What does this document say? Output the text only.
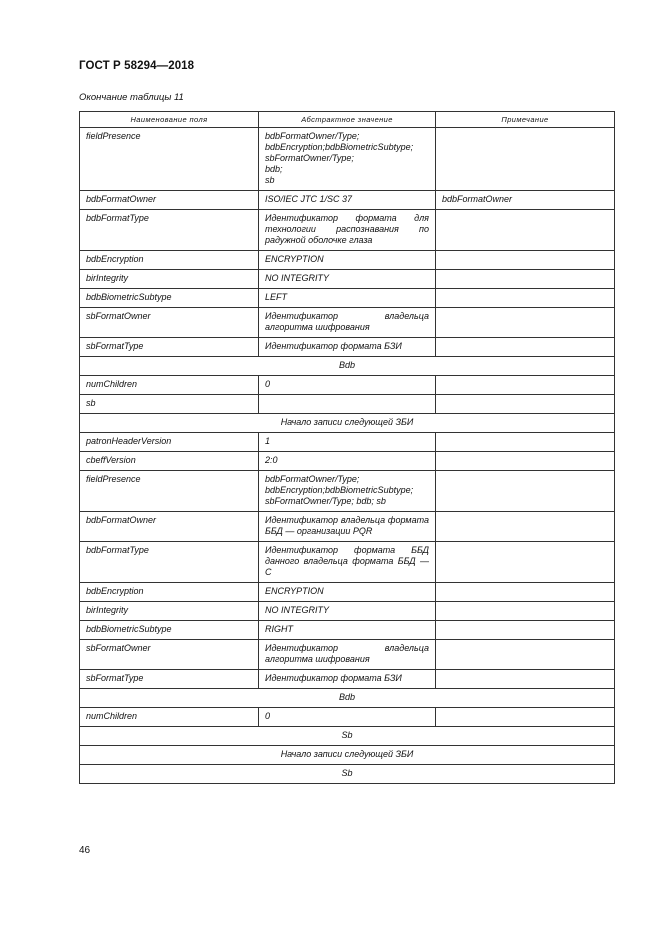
ГОСТ Р 58294—2018
Окончание таблицы 11
Наименование поля	Абстрактное значение	Примечание
fieldPresence	bdbFormatOwner/Type;
bdbEncryption;bdbBiometricSubtype;
sbFormatOwner/Type;
bdb;
sb	
bdbFormatOwner	ISO/IEC JTC 1/SC 37	bdbFormatOwner
bdbFormatType	Идентификатор формата для технологии распознавания по радужной оболочке глаза	
bdbEncryption	ENCRYPTION	
birIntegrity	NO INTEGRITY	
bdbBiometricSubtype	LEFT	
sbFormatOwner	Идентификатор владельца алгоритма шифрования	
sbFormatType	Идентификатор формата БЗИ	
Bdb		
numChildren	0	
sb		
Начало записи следующей ЗБИ		
patronHeaderVersion	1	
cbeffVersion	2:0	
fieldPresence	bdbFormatOwner/Type;
bdbEncryption;bdbBiometricSubtype;
sbFormatOwner/Type; bdb; sb	
bdbFormatOwner	Идентификатор владельца формата ББД — организации PQR	
bdbFormatType	Идентификатор формата ББД данного владельца формата ББД — С	
bdbEncryption	ENCRYPTION	
birIntegrity	NO INTEGRITY	
bdbBiometricSubtype	RIGHT	
sbFormatOwner	Идентификатор владельца алгоритма шифрования	
sbFormatType	Идентификатор формата БЗИ	
Bdb		
numChildren	0	
Sb		
Начало записи следующей ЗБИ		
Sb		
46
